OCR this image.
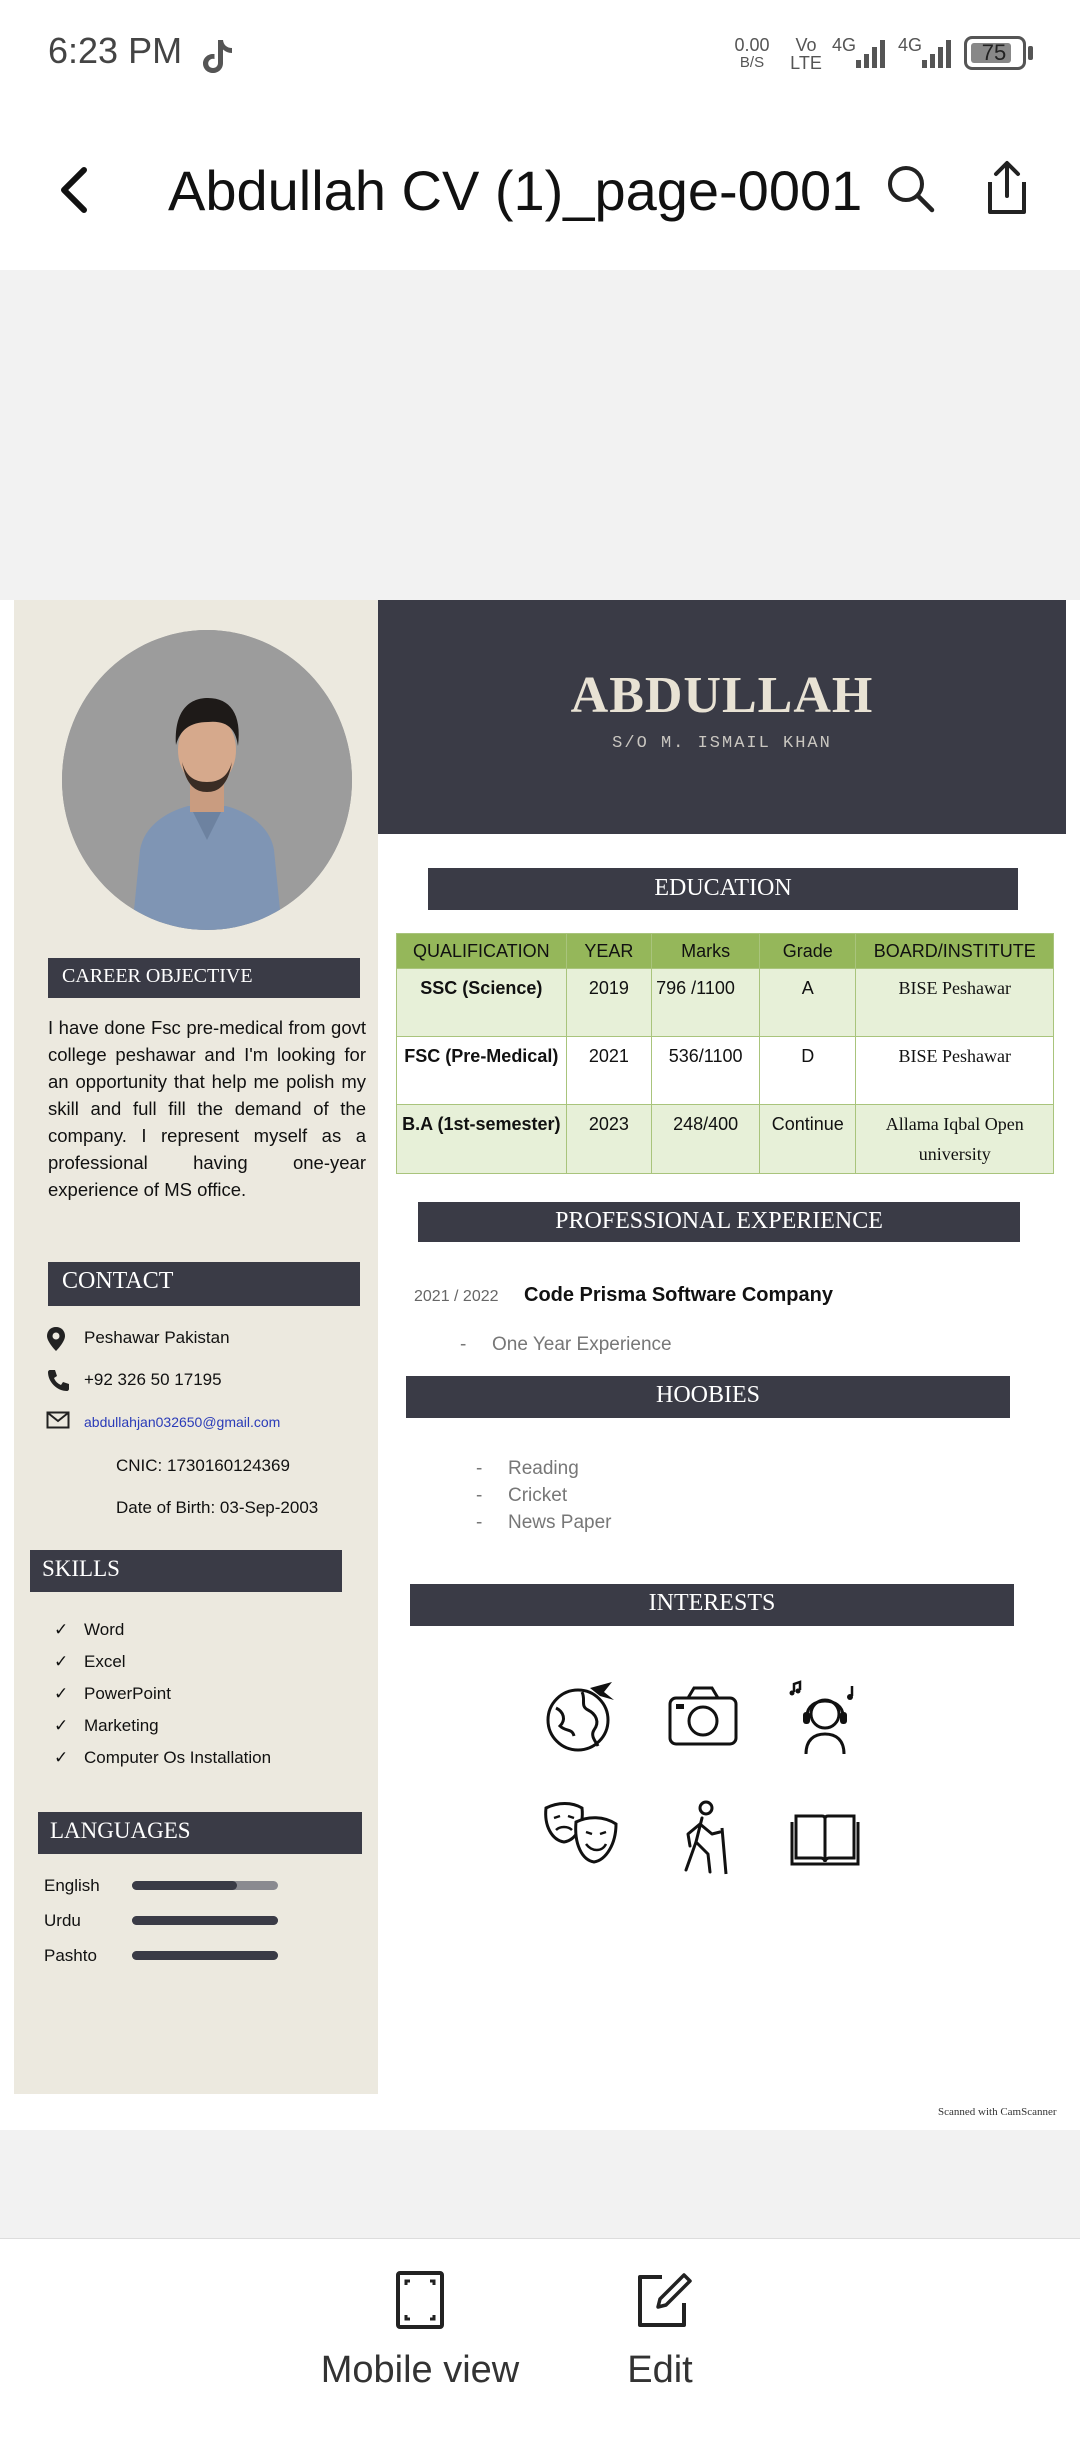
6:23 PM	0.00
B/S
Vo
LTE
4G 4G	75
Abdullah CV (1)_page-0001
CAREER OBJECTIVE
I have done Fsc pre-medical from govt college peshawar and I'm looking for an opportunity that help me polish my skill and full fill the demand of the company. I represent myself as a professional having one-year experience of MS office.
CONTACT
Peshawar Pakistan
+92 326 50 17195
abdullahjan032650@gmail.com
CNIC: 1730160124369
Date of Birth: 03-Sep-2003
SKILLS
✓ Word
✓ Excel
✓ PowerPoint
✓ Marketing
✓ Computer Os Installation
LANGUAGES
English
Urdu
Pashto
ABDULLAH
S/O M. ISMAIL KHAN
EDUCATION
QUALIFICATION	YEAR	Marks	Grade	BOARD/INSTITUTE
SSC (Science)	2019	796 /1100	A	BISE Peshawar
FSC (Pre-Medical)	2021	536/1100	D	BISE Peshawar
B.A (1st-semester)	2023	248/400	Continue	Allama Iqbal Open university
PROFESSIONAL EXPERIENCE
2021 / 2022 Code Prisma Software Company
- One Year Experience
HOOBIES
- Reading
- Cricket
- News Paper
INTERESTS
Scanned with CamScanner
Mobile view	Edit
